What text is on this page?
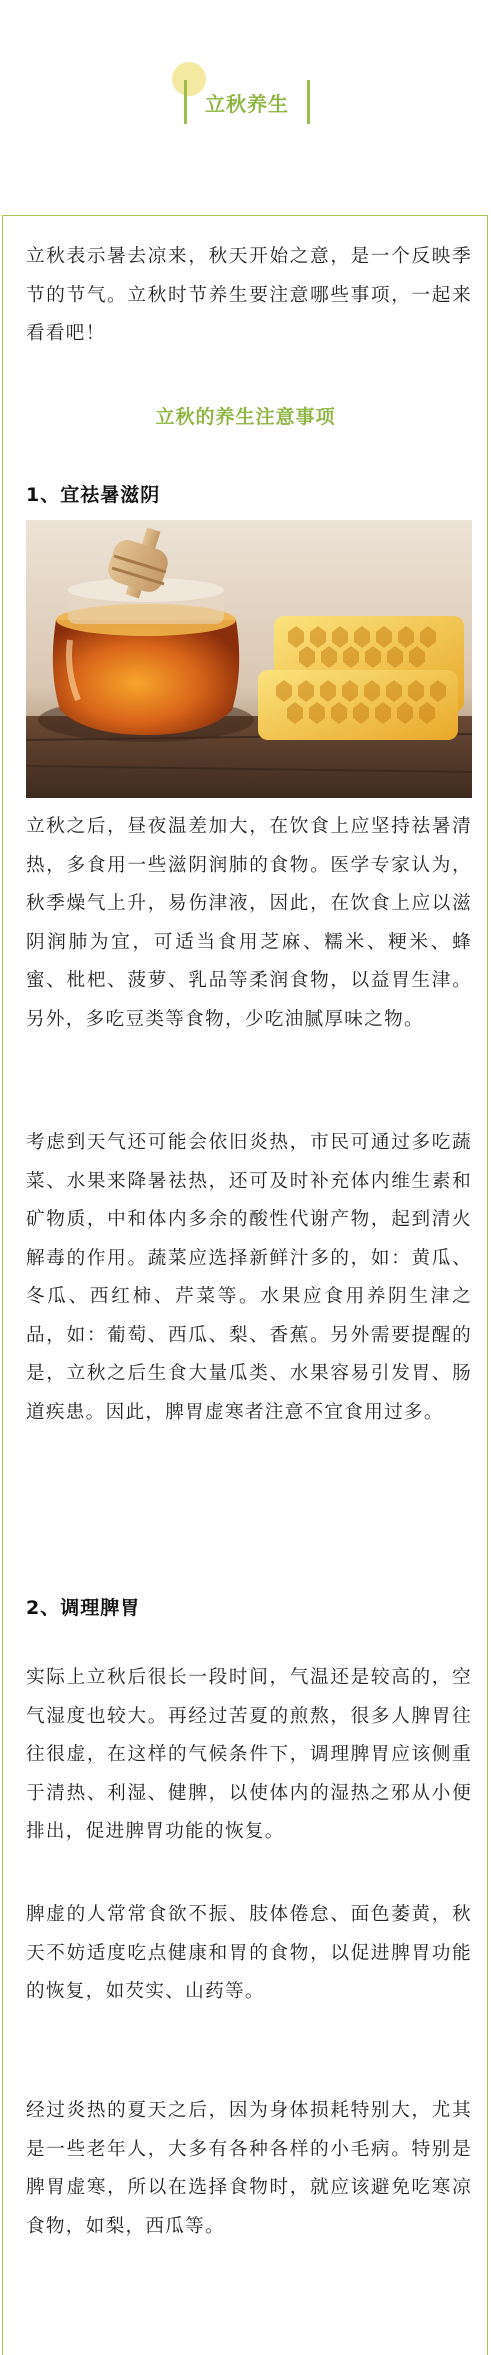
立秋养生

立秋表示暑去凉来，秋天开始之意，是一个反映季节的节气。立秋时节养生要注意哪些事项，一起来看看吧！

立秋的养生注意事项
1、宜祛暑滋阴

立秋之后，昼夜温差加大，在饮食上应坚持祛暑清热，多食用一些滋阴润肺的食物。医学专家认为，秋季燥气上升，易伤津液，因此，在饮食上应以滋阴润肺为宜，可适当食用芝麻、糯米、粳米、蜂蜜、枇杷、菠萝、乳品等柔润食物，以益胃生津。另外，多吃豆类等食物，少吃油腻厚味之物。

考虑到天气还可能会依旧炎热，市民可通过多吃蔬菜、水果来降暑祛热，还可及时补充体内维生素和矿物质，中和体内多余的酸性代谢产物，起到清火解毒的作用。蔬菜应选择新鲜汁多的，如：黄瓜、冬瓜、西红柿、芹菜等。水果应食用养阴生津之品，如：葡萄、西瓜、梨、香蕉。另外需要提醒的是，立秋之后生食大量瓜类、水果容易引发胃、肠道疾患。因此，脾胃虚寒者注意不宜食用过多。

2、调理脾胃

实际上立秋后很长一段时间，气温还是较高的，空气湿度也较大。再经过苦夏的煎熬，很多人脾胃往往很虚，在这样的气候条件下，调理脾胃应该侧重于清热、利湿、健脾，以使体内的湿热之邪从小便排出，促进脾胃功能的恢复。

脾虚的人常常食欲不振、肢体倦怠、面色萎黄，秋天不妨适度吃点健康和胃的食物，以促进脾胃功能的恢复，如芡实、山药等。

经过炎热的夏天之后，因为身体损耗特别大，尤其是一些老年人，大多有各种各样的小毛病。特别是脾胃虚寒，所以在选择食物时，就应该避免吃寒凉食物，如梨，西瓜等。
